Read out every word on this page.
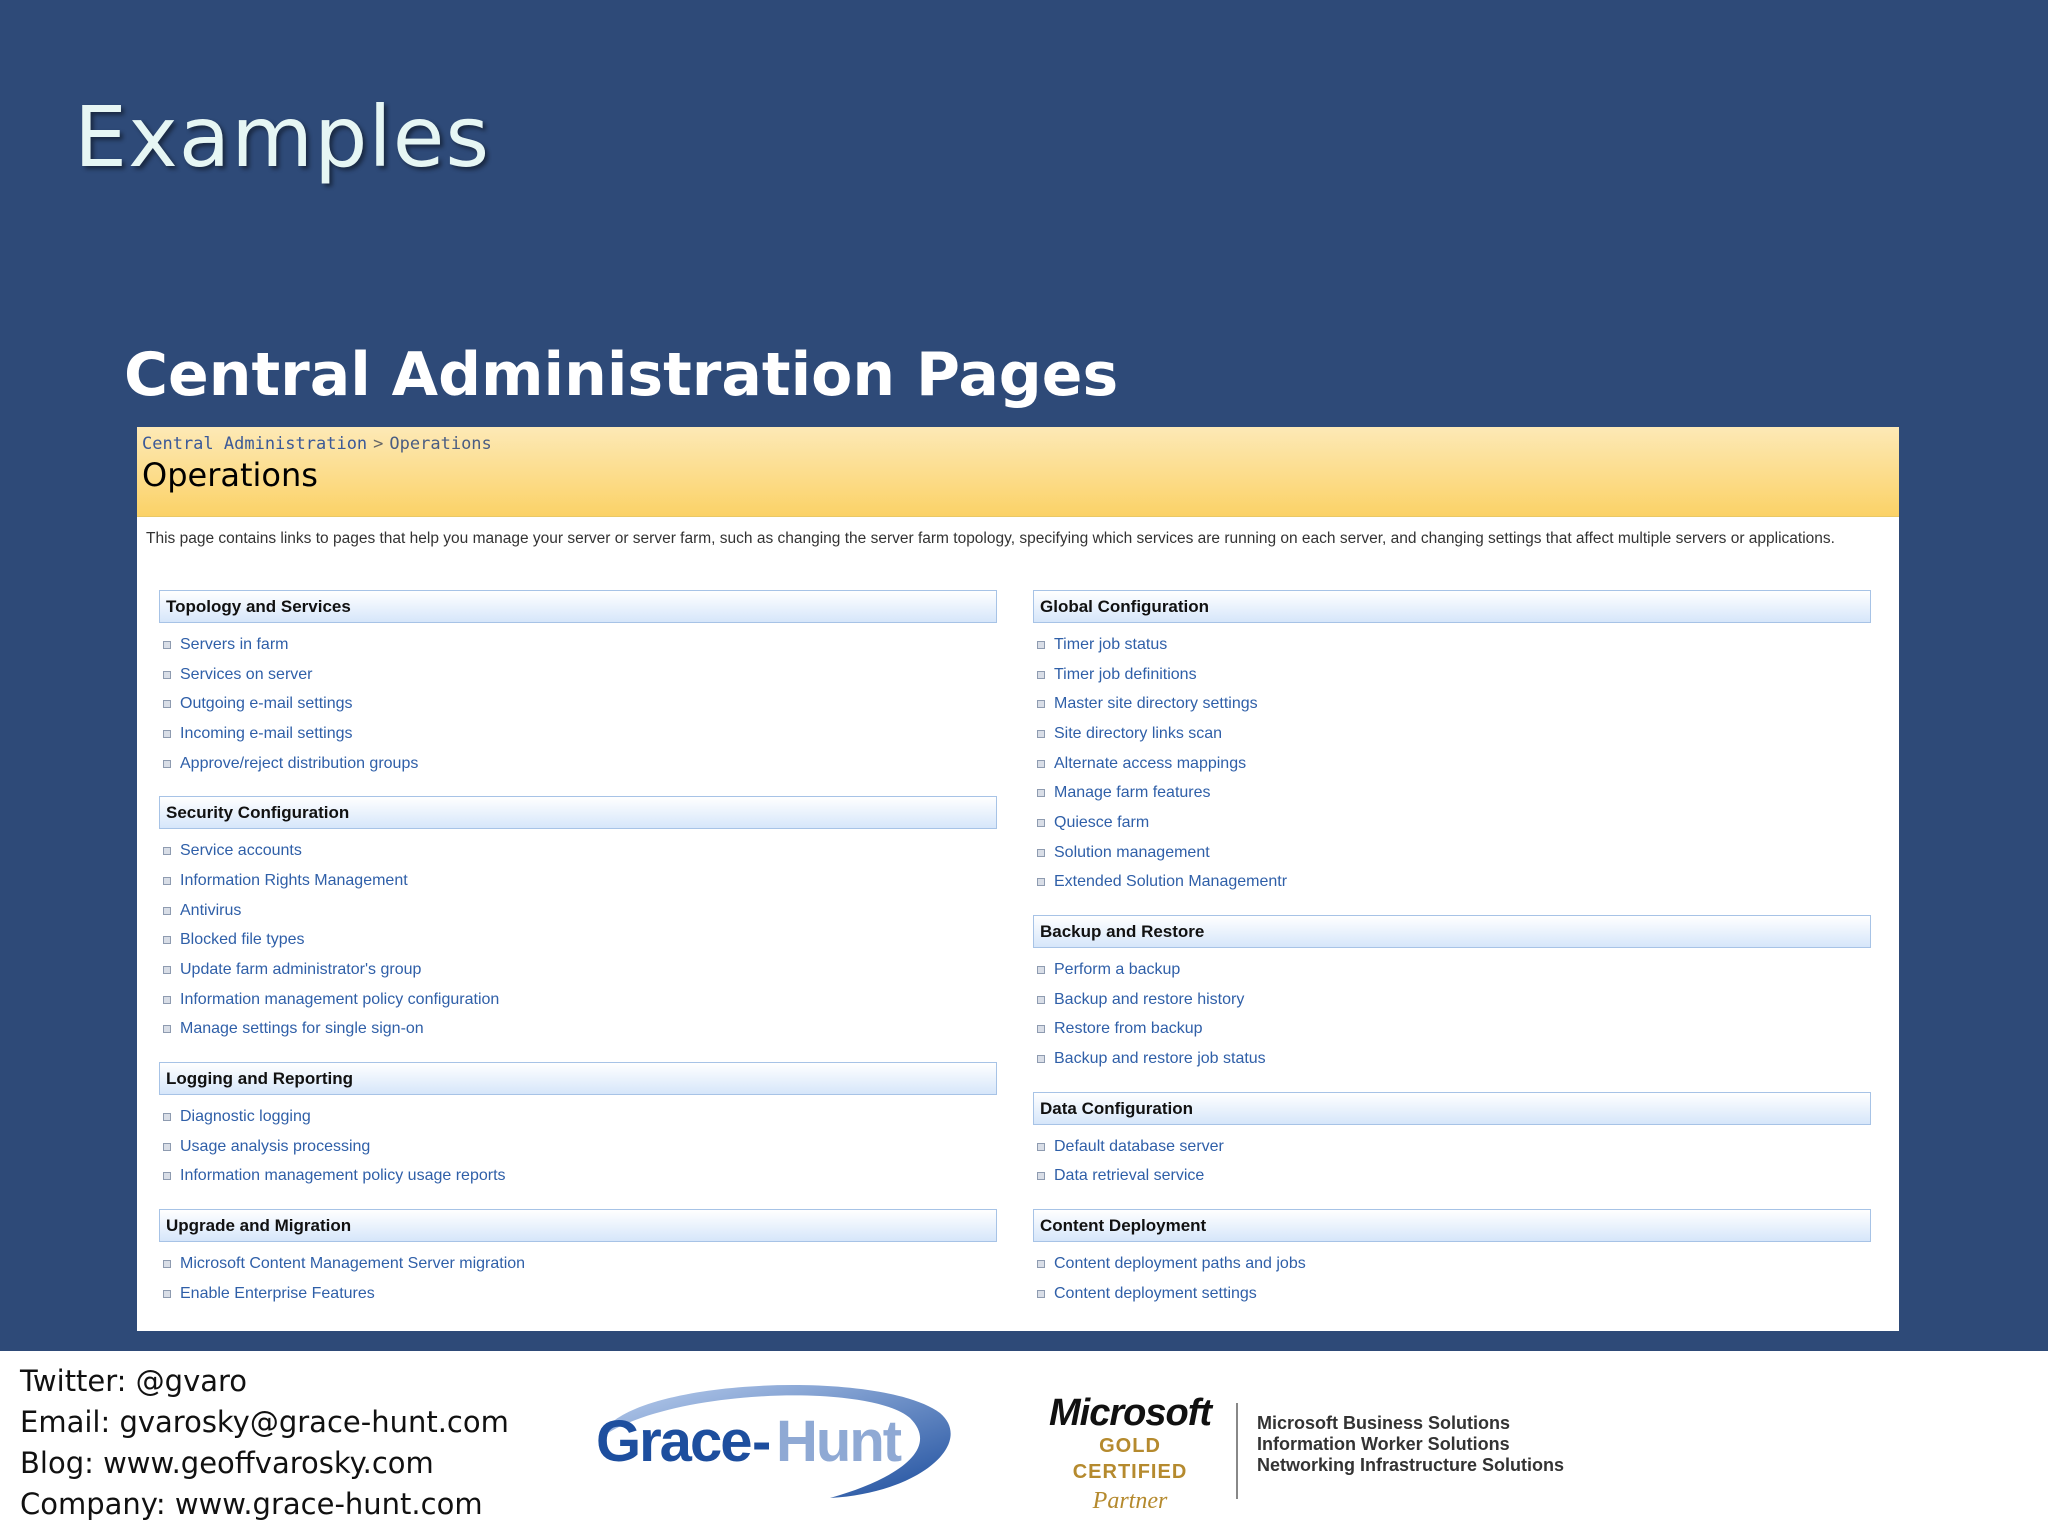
Examples
Central Administration Pages
Central Administration > Operations
Operations
This page contains links to pages that help you manage your server or server farm, such as changing the server farm topology, specifying which services are running on each server, and changing settings that affect multiple servers or applications.
Topology and Services
Servers in farm
Services on server
Outgoing e-mail settings
Incoming e-mail settings
Approve/reject distribution groups
Security Configuration
Service accounts
Information Rights Management
Antivirus
Blocked file types
Update farm administrator's group
Information management policy configuration
Manage settings for single sign-on
Logging and Reporting
Diagnostic logging
Usage analysis processing
Information management policy usage reports
Upgrade and Migration
Microsoft Content Management Server migration
Enable Enterprise Features
Global Configuration
Timer job status
Timer job definitions
Master site directory settings
Site directory links scan
Alternate access mappings
Manage farm features
Quiesce farm
Solution management
Extended Solution Managementr
Backup and Restore
Perform a backup
Backup and restore history
Restore from backup
Backup and restore job status
Data Configuration
Default database server
Data retrieval service
Content Deployment
Content deployment paths and jobs
Content deployment settings
Twitter: @gvaro
Email: gvarosky@grace-hunt.com
Blog: www.geoffvarosky.com
Company: www.grace-hunt.com
Grace - Hunt	Microsoft
GOLD CERTIFIED
Partner
Microsoft Business Solutions
Information Worker Solutions
Networking Infrastructure Solutions
